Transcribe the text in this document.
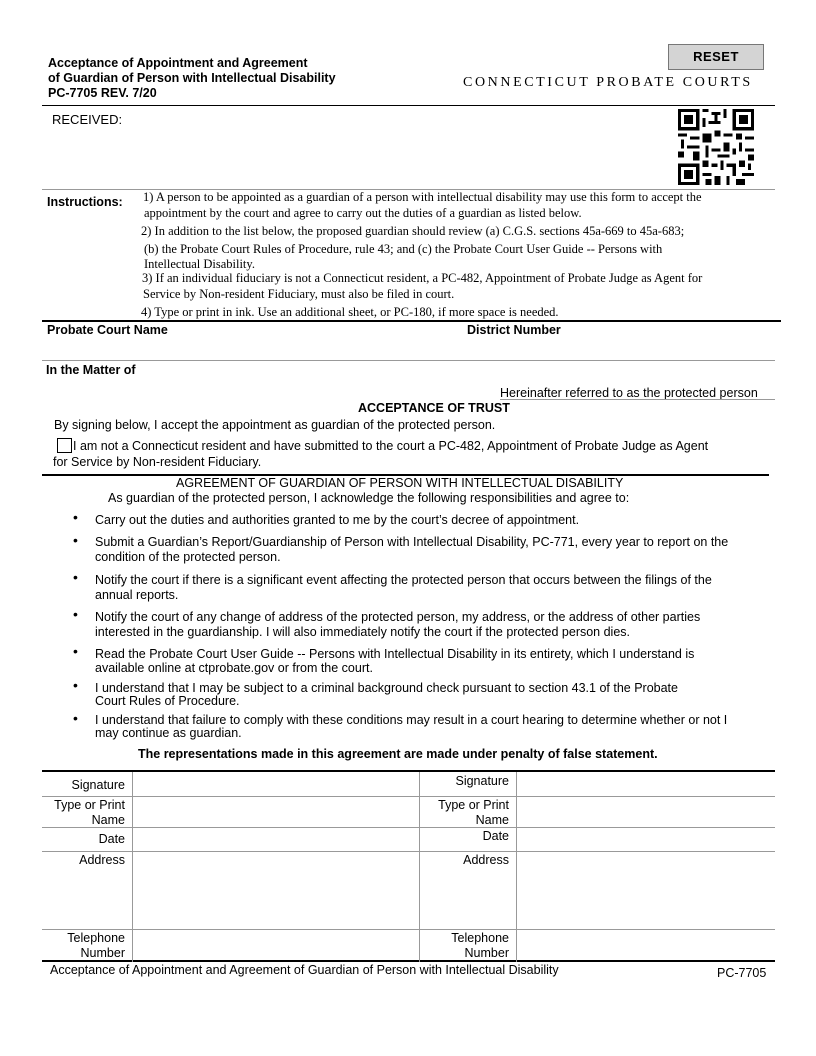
Acceptance of Appointment and Agreement
of Guardian of Person with Intellectual Disability
PC-7705 REV. 7/20
RESET
CONNECTICUT PROBATE COURTS
RECEIVED:
Instructions: 1) A person to be appointed as a guardian of a person with intellectual disability may use this form to accept the
appointment by the court and agree to carry out the duties of a guardian as listed below.
2) In addition to the list below, the proposed guardian should review (a) C.G.S. sections 45a-669 to 45a-683;
(b) the Probate Court Rules of Procedure, rule 43; and (c) the Probate Court User Guide -- Persons with
Intellectual Disability.
3) If an individual fiduciary is not a Connecticut resident, a PC-482, Appointment of Probate Judge as Agent for
Service by Non-resident Fiduciary, must also be filed in court.
4) Type or print in ink. Use an additional sheet, or PC-180, if more space is needed.
Probate Court Name	District Number
In the Matter of
Hereinafter referred to as the protected person
ACCEPTANCE OF TRUST
By signing below, I accept the appointment as guardian of the protected person.
I am not a Connecticut resident and have submitted to the court a PC-482, Appointment of Probate Judge as Agent
for Service by Non-resident Fiduciary.
AGREEMENT OF GUARDIAN OF PERSON WITH INTELLECTUAL DISABILITY
As guardian of the protected person, I acknowledge the following responsibilities and agree to:
• Carry out the duties and authorities granted to me by the court’s decree of appointment.
• Submit a Guardian’s Report/Guardianship of Person with Intellectual Disability, PC-771, every year to report on the
condition of the protected person.
• Notify the court if there is a significant event affecting the protected person that occurs between the filings of the
annual reports.
• Notify the court of any change of address of the protected person, my address, or the address of other parties
interested in the guardianship. I will also immediately notify the court if the protected person dies.
• Read the Probate Court User Guide -- Persons with Intellectual Disability in its entirety, which I understand is
available online at ctprobate.gov or from the court.
• I understand that I may be subject to a criminal background check pursuant to section 43.1 of the Probate
Court Rules of Procedure.
• I understand that failure to comply with these conditions may result in a court hearing to determine whether or not I
may continue as guardian.
The representations made in this agreement are made under penalty of false statement.
Signature
Type or Print
Name
Date
Address
Telephone
Number
Signature
Type or Print
Name
Date
Address
Telephone
Number
Acceptance of Appointment and Agreement of Guardian of Person with Intellectual Disability	PC-7705
